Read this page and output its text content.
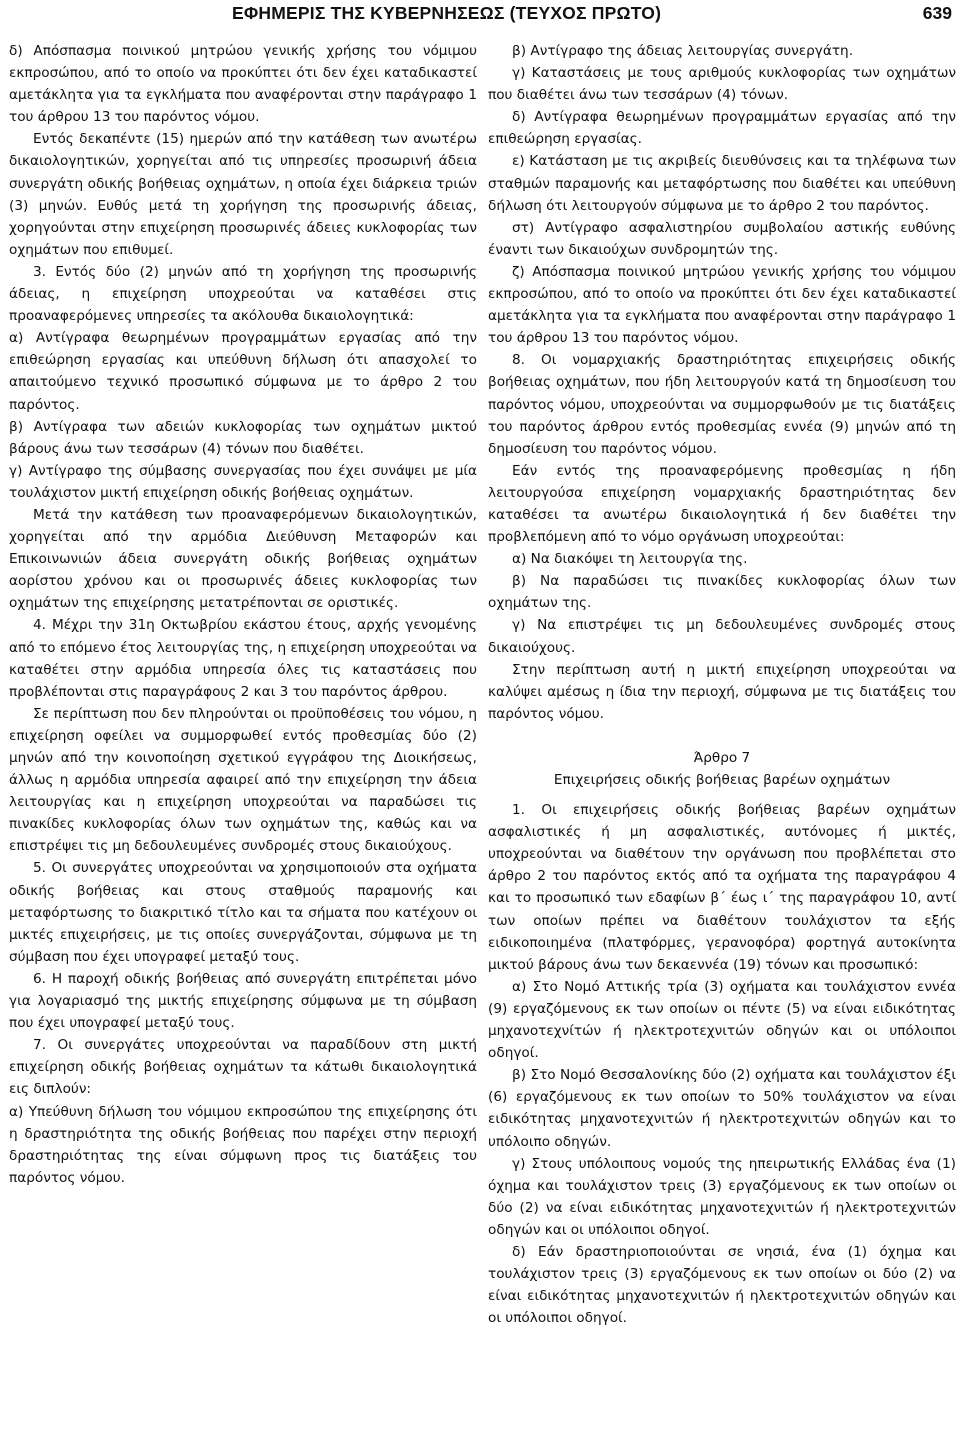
ΕΦΗΜΕΡΙΣ ΤΗΣ ΚΥΒΕΡΝΗΣΕΩΣ (ΤΕΥΧΟΣ ΠΡΩΤΟ)	639

δ) Απόσπασμα ποινικού μητρώου γενικής χρήσης του νόμιμου εκπροσώπου, από το οποίο να προκύπτει ότι δεν έχει καταδικαστεί αμετάκλητα για τα εγκλήματα που αναφέρονται στην παράγραφο 1 του άρθρου 13 του παρόντος νόμου.

Εντός δεκαπέντε (15) ημερών από την κατάθεση των ανωτέρω δικαιολογητικών, χορηγείται από τις υπηρεσίες προσωρινή άδεια συνεργάτη οδικής βοήθειας οχημάτων, η οποία έχει διάρκεια τριών (3) μηνών. Ευθύς μετά τη χορήγηση της προσωρινής άδειας, χορηγούνται στην επιχείρηση προσωρινές άδειες κυκλοφορίας των οχημάτων που επιθυμεί.

3. Εντός δύο (2) μηνών από τη χορήγηση της προσωρινής άδειας, η επιχείρηση υποχρεούται να καταθέσει στις προαναφερόμενες υπηρεσίες τα ακόλουθα δικαιολογητικά:

α) Αντίγραφα θεωρημένων προγραμμάτων εργασίας από την επιθεώρηση εργασίας και υπεύθυνη δήλωση ότι απασχολεί το απαιτούμενο τεχνικό προσωπικό σύμφωνα με το άρθρο 2 του παρόντος.

β) Αντίγραφα των αδειών κυκλοφορίας των οχημάτων μικτού βάρους άνω των τεσσάρων (4) τόνων που διαθέτει.

γ) Αντίγραφο της σύμβασης συνεργασίας που έχει συνάψει με μία τουλάχιστον μικτή επιχείρηση οδικής βοήθειας οχημάτων.

Μετά την κατάθεση των προαναφερόμενων δικαιολογητικών, χορηγείται από την αρμόδια Διεύθυνση Μεταφορών και Επικοινωνιών άδεια συνεργάτη οδικής βοήθειας οχημάτων αορίστου χρόνου και οι προσωρινές άδειες κυκλοφορίας των οχημάτων της επιχείρησης μετατρέπονται σε οριστικές.

4. Μέχρι την 31η Οκτωβρίου εκάστου έτους, αρχής γενομένης από το επόμενο έτος λειτουργίας της, η επιχείρηση υποχρεούται να καταθέτει στην αρμόδια υπηρεσία όλες τις καταστάσεις που προβλέπονται στις παραγράφους 2 και 3 του παρόντος άρθρου.

Σε περίπτωση που δεν πληρούνται οι προϋποθέσεις του νόμου, η επιχείρηση οφείλει να συμμορφωθεί εντός προθεσμίας δύο (2) μηνών από την κοινοποίηση σχετικού εγγράφου της Διοικήσεως, άλλως η αρμόδια υπηρεσία αφαιρεί από την επιχείρηση την άδεια λειτουργίας και η επιχείρηση υποχρεούται να παραδώσει τις πινακίδες κυκλοφορίας όλων των οχημάτων της, καθώς και να επιστρέψει τις μη δεδουλευμένες συνδρομές στους δικαιούχους.

5. Οι συνεργάτες υποχρεούνται να χρησιμοποιούν στα οχήματα οδικής βοήθειας και στους σταθμούς παραμονής και μεταφόρτωσης το διακριτικό τίτλο και τα σήματα που κατέχουν οι μικτές επιχειρήσεις, με τις οποίες συνεργάζονται, σύμφωνα με τη σύμβαση που έχει υπογραφεί μεταξύ τους.

6. Η παροχή οδικής βοήθειας από συνεργάτη επιτρέπεται μόνο για λογαριασμό της μικτής επιχείρησης σύμφωνα με τη σύμβαση που έχει υπογραφεί μεταξύ τους.

7. Οι συνεργάτες υποχρεούνται να παραδίδουν στη μικτή επιχείρηση οδικής βοήθειας οχημάτων τα κάτωθι δικαιολογητικά εις διπλούν:

α) Υπεύθυνη δήλωση του νόμιμου εκπροσώπου της επιχείρησης ότι η δραστηριότητα της οδικής βοήθειας που παρέχει στην περιοχή δραστηριότητας της είναι σύμφωνη προς τις διατάξεις του παρόντος νόμου.

β) Αντίγραφο της άδειας λειτουργίας συνεργάτη.

γ) Καταστάσεις με τους αριθμούς κυκλοφορίας των οχημάτων που διαθέτει άνω των τεσσάρων (4) τόνων.

δ) Αντίγραφα θεωρημένων προγραμμάτων εργασίας από την επιθεώρηση εργασίας.

ε) Κατάσταση με τις ακριβείς διευθύνσεις και τα τηλέφωνα των σταθμών παραμονής και μεταφόρτωσης που διαθέτει και υπεύθυνη δήλωση ότι λειτουργούν σύμφωνα με το άρθρο 2 του παρόντος.

στ) Αντίγραφο ασφαλιστηρίου συμβολαίου αστικής ευθύνης έναντι των δικαιούχων συνδρομητών της.

ζ) Απόσπασμα ποινικού μητρώου γενικής χρήσης του νόμιμου εκπροσώπου, από το οποίο να προκύπτει ότι δεν έχει καταδικαστεί αμετάκλητα για τα εγκλήματα που αναφέρονται στην παράγραφο 1 του άρθρου 13 του παρόντος νόμου.

8. Οι νομαρχιακής δραστηριότητας επιχειρήσεις οδικής βοήθειας οχημάτων, που ήδη λειτουργούν κατά τη δημοσίευση του παρόντος νόμου, υποχρεούνται να συμμορφωθούν με τις διατάξεις του παρόντος άρθρου εντός προθεσμίας εννέα (9) μηνών από τη δημοσίευση του παρόντος νόμου.

Εάν εντός της προαναφερόμενης προθεσμίας η ήδη λειτουργούσα επιχείρηση νομαρχιακής δραστηριότητας δεν καταθέσει τα ανωτέρω δικαιολογητικά ή δεν διαθέτει την προβλεπόμενη από το νόμο οργάνωση υποχρεούται:

α) Να διακόψει τη λειτουργία της.

β) Να παραδώσει τις πινακίδες κυκλοφορίας όλων των οχημάτων της.

γ) Να επιστρέψει τις μη δεδουλευμένες συνδρομές στους δικαιούχους.

Στην περίπτωση αυτή η μικτή επιχείρηση υποχρεούται να καλύψει αμέσως η ίδια την περιοχή, σύμφωνα με τις διατάξεις του παρόντος νόμου.

Άρθρο 7

Επιχειρήσεις οδικής βοήθειας βαρέων οχημάτων

1. Οι επιχειρήσεις οδικής βοήθειας βαρέων οχημάτων ασφαλιστικές ή μη ασφαλιστικές, αυτόνομες ή μικτές, υποχρεούνται να διαθέτουν την οργάνωση που προβλέπεται στο άρθρο 2 του παρόντος εκτός από τα οχήματα της παραγράφου 4 και το προσωπικό των εδαφίων β΄ έως ι΄ της παραγράφου 10, αντί των οποίων πρέπει να διαθέτουν τουλάχιστον τα εξής ειδικοποιημένα (πλατφόρμες, γερανοφόρα) φορτηγά αυτοκίνητα μικτού βάρους άνω των δεκαεννέα (19) τόνων και προσωπικό:

α) Στο Νομό Αττικής τρία (3) οχήματα και τουλάχιστον εννέα (9) εργαζόμενους εκ των οποίων οι πέντε (5) να είναι ειδικότητας μηχανοτεχνίτών ή ηλεκτροτεχνιτών οδηγών και οι υπόλοιποι οδηγοί.

β) Στο Νομό Θεσσαλονίκης δύο (2) οχήματα και τουλάχιστον έξι (6) εργαζόμενους εκ των οποίων το 50% τουλάχιστον να είναι ειδικότητας μηχανοτεχνιτών ή ηλεκτροτεχνιτών οδηγών και το υπόλοιπο οδηγών.

γ) Στους υπόλοιπους νομούς της ηπειρωτικής Ελλάδας ένα (1) όχημα και τουλάχιστον τρεις (3) εργαζόμενους εκ των οποίων οι δύο (2) να είναι ειδικότητας μηχανοτεχνιτών ή ηλεκτροτεχνιτών οδηγών και οι υπόλοιποι οδηγοί.

δ) Εάν δραστηριοποιούνται σε νησιά, ένα (1) όχημα και τουλάχιστον τρεις (3) εργαζόμενους εκ των οποίων οι δύο (2) να είναι ειδικότητας μηχανοτεχνιτών ή ηλεκτροτεχνιτών οδηγών και οι υπόλοιποι οδηγοί.
